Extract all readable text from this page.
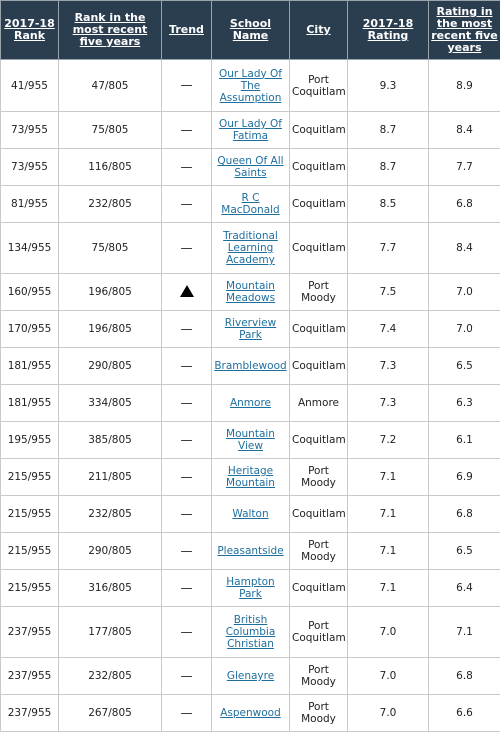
2017-18 Rank	Rank in the most recent five years	Trend	School Name	City	2017-18 Rating	Rating in the most recent five years
41/955	47/805	—	Our Lady Of The Assumption	Port Coquitlam	9.3	8.9
73/955	75/805	—	Our Lady Of Fatima	Coquitlam	8.7	8.4
73/955	116/805	—	Queen Of All Saints	Coquitlam	8.7	7.7
81/955	232/805	—	R C MacDonald	Coquitlam	8.5	6.8
134/955	75/805	—	Traditional Learning Academy	Coquitlam	7.7	8.4
160/955	196/805		Mountain Meadows	Port Moody	7.5	7.0
170/955	196/805	—	Riverview Park	Coquitlam	7.4	7.0
181/955	290/805	—	Bramblewood	Coquitlam	7.3	6.5
181/955	334/805	—	Anmore	Anmore	7.3	6.3
195/955	385/805	—	Mountain View	Coquitlam	7.2	6.1
215/955	211/805	—	Heritage Mountain	Port Moody	7.1	6.9
215/955	232/805	—	Walton	Coquitlam	7.1	6.8
215/955	290/805	—	Pleasantside	Port Moody	7.1	6.5
215/955	316/805	—	Hampton Park	Coquitlam	7.1	6.4
237/955	177/805	—	British Columbia Christian	Port Coquitlam	7.0	7.1
237/955	232/805	—	Glenayre	Port Moody	7.0	6.8
237/955	267/805	—	Aspenwood	Port Moody	7.0	6.6
